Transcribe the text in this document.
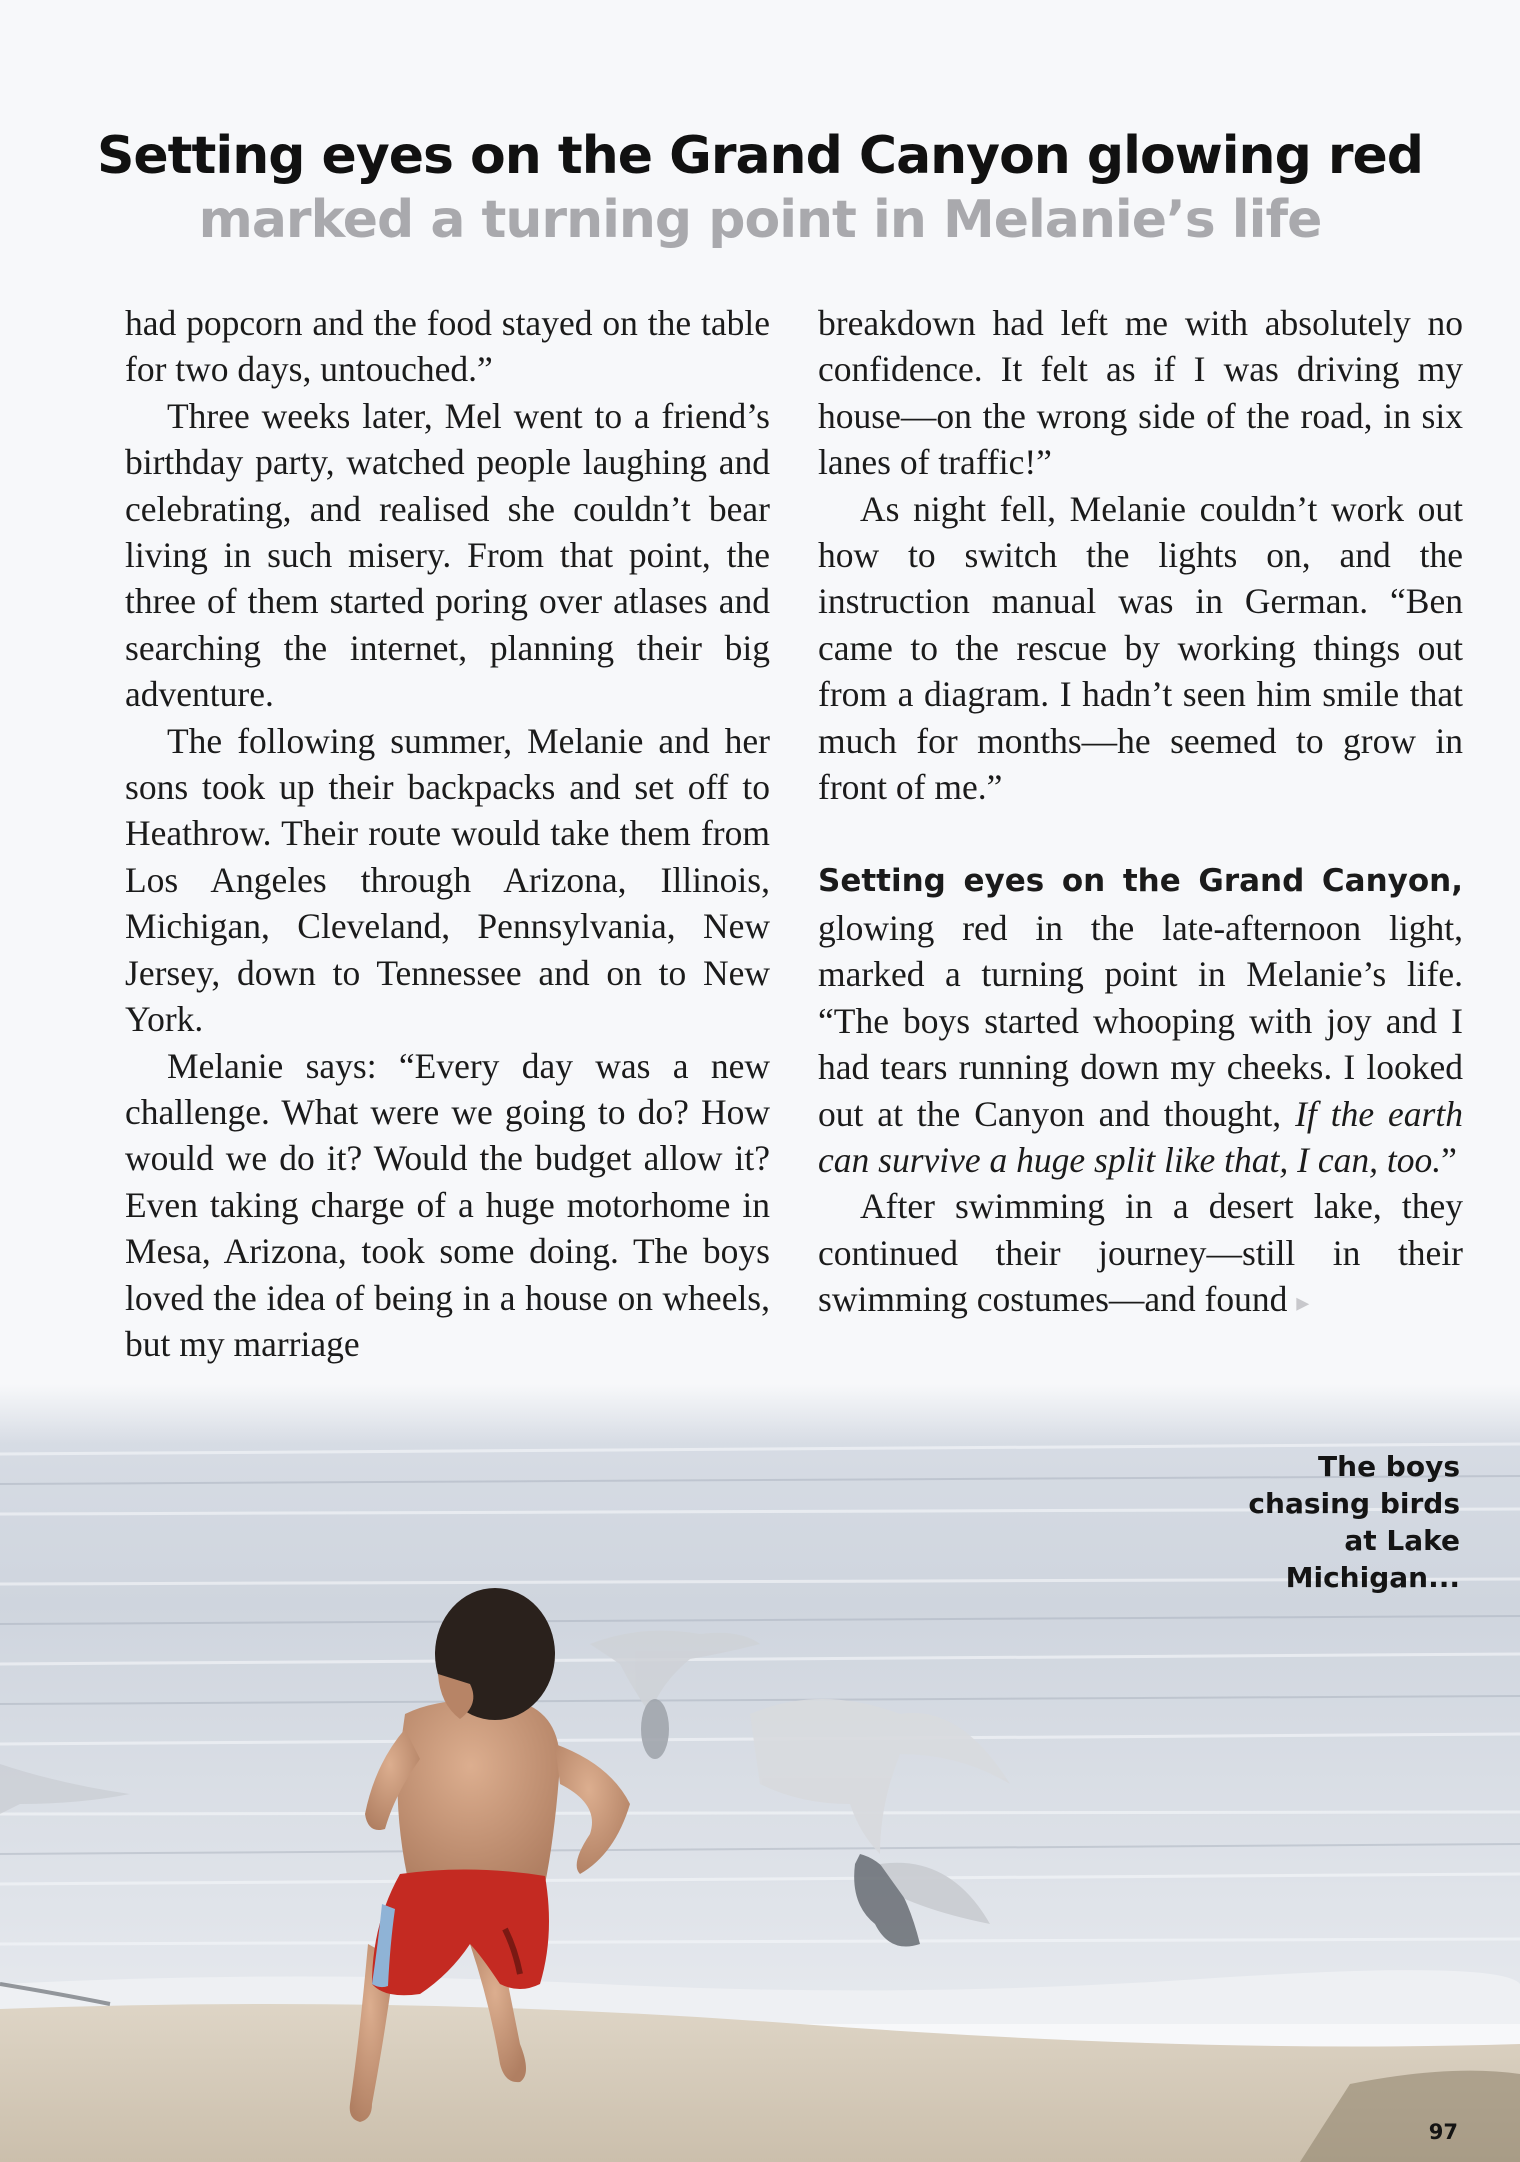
Setting eyes on the Grand Canyon glowing red
marked a turning point in Melanie’s life

had popcorn and the food stayed on the table for two days, untouched.”

Three weeks later, Mel went to a friend’s birthday party, watched people laughing and celebrating, and realised she couldn’t bear living in such misery. From that point, the three of them started poring over atlases and searching the internet, planning their big adventure.

The following summer, Melanie and her sons took up their backpacks and set off to Heathrow. Their route would take them from Los Angeles through Arizona, Illinois, Michigan, Cleveland, Pennsylvania, New Jersey, down to Tennessee and on to New York.

Melanie says: “Every day was a new challenge. What were we going to do? How would we do it? Would the budget allow it? Even taking charge of a huge motorhome in Mesa, Arizona, took some doing. The boys loved the idea of being in a house on wheels, but my marriage

breakdown had left me with absolutely no confidence. It felt as if I was driving my house—on the wrong side of the road, in six lanes of traffic!”

As night fell, Melanie couldn’t work out how to switch the lights on, and the instruction manual was in German. “Ben came to the rescue by working things out from a diagram. I hadn’t seen him smile that much for months—he seemed to grow in front of me.”

Setting eyes on the Grand Canyon, glowing red in the late-afternoon light, marked a turning point in Melanie’s life. “The boys started whooping with joy and I had tears running down my cheeks. I looked out at the Canyon and thought, If the earth can survive a huge split like that, I can, too.”

After swimming in a desert lake, they continued their journey—still in their swimming costumes—and found ▸

The boys
chasing birds
at Lake
Michigan...
97
